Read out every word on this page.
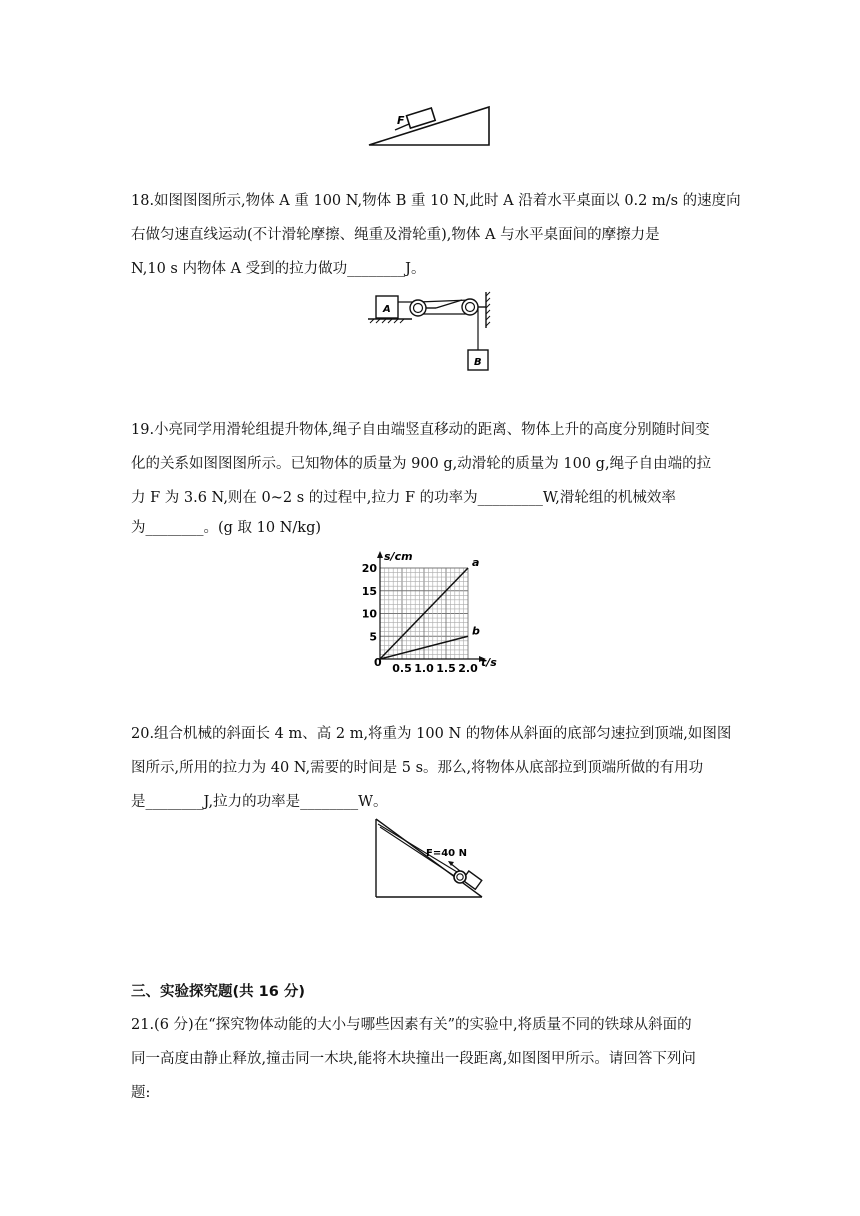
F
18.如图图图所示,物体 A 重 100 N,物体 B 重 10 N,此时 A 沿着水平桌面以 0.2 m/s 的速度向
右做匀速直线运动(不计滑轮摩擦、绳重及滑轮重),物体 A 与水平桌面间的摩擦力是
N,10 s 内物体 A 受到的拉力做功________J。
A
B
19.小亮同学用滑轮组提升物体,绳子自由端竖直移动的距离、物体上升的高度分别随时间变
化的关系如图图图所示。已知物体的质量为 900 g,动滑轮的质量为 100 g,绳子自由端的拉
力 F 为 3.6 N,则在 0~2 s 的过程中,拉力 F 的功率为_________W,滑轮组的机械效率
为________。(g 取 10 N/kg)
a
b
0.5 1.0 1.5 2.0
5
10
15
20
s/cm
t/s
0
20.组合机械的斜面长 4 m、高 2 m,将重为 100 N 的物体从斜面的底部匀速拉到顶端,如图图
图所示,所用的拉力为 40 N,需要的时间是 5 s。那么,将物体从底部拉到顶端所做的有用功
是________J,拉力的功率是________W。
F=40 N
三、实验探究题(共 16 分)
21.(6 分)在“探究物体动能的大小与哪些因素有关”的实验中,将质量不同的铁球从斜面的
同一高度由静止释放,撞击同一木块,能将木块撞出一段距离,如图图甲所示。请回答下列问
题:
